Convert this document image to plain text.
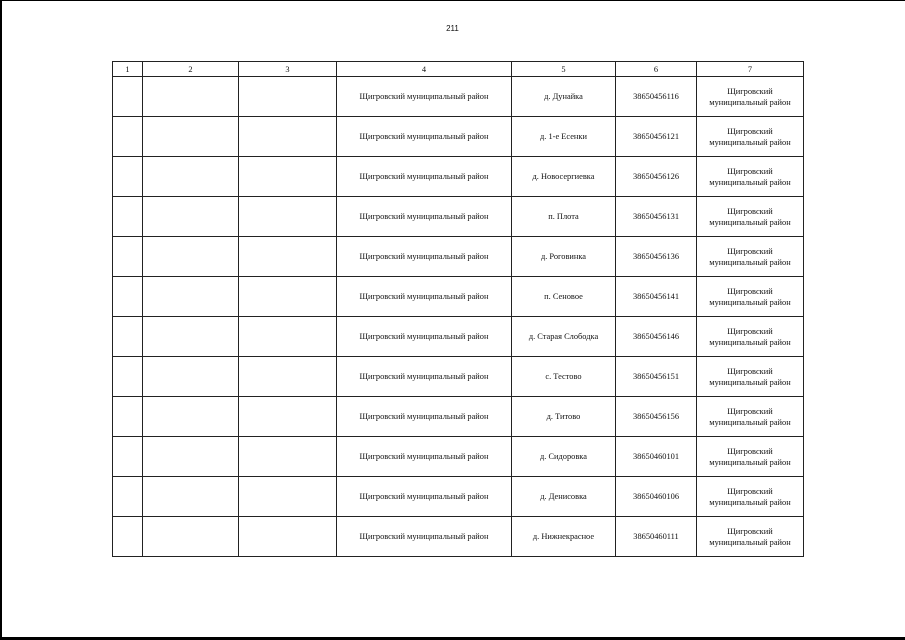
211
1	2	3	4	5	6	7
			Щигровский муниципальный район	д. Дунайка	38650456116	Щигровский
муниципальный район
			Щигровский муниципальный район	д. 1-е Есенки	38650456121	Щигровский
муниципальный район
			Щигровский муниципальный район	д. Новосергиевка	38650456126	Щигровский
муниципальный район
			Щигровский муниципальный район	п. Плота	38650456131	Щигровский
муниципальный район
			Щигровский муниципальный район	д. Роговинка	38650456136	Щигровский
муниципальный район
			Щигровский муниципальный район	п. Сеновое	38650456141	Щигровский
муниципальный район
			Щигровский муниципальный район	д. Старая Слободка	38650456146	Щигровский
муниципальный район
			Щигровский муниципальный район	с. Тестово	38650456151	Щигровский
муниципальный район
			Щигровский муниципальный район	д. Титово	38650456156	Щигровский
муниципальный район
			Щигровский муниципальный район	д. Сидоровка	38650460101	Щигровский
муниципальный район
			Щигровский муниципальный район	д. Денисовка	38650460106	Щигровский
муниципальный район
			Щигровский муниципальный район	д. Нижнекрасное	38650460111	Щигровский
муниципальный район
